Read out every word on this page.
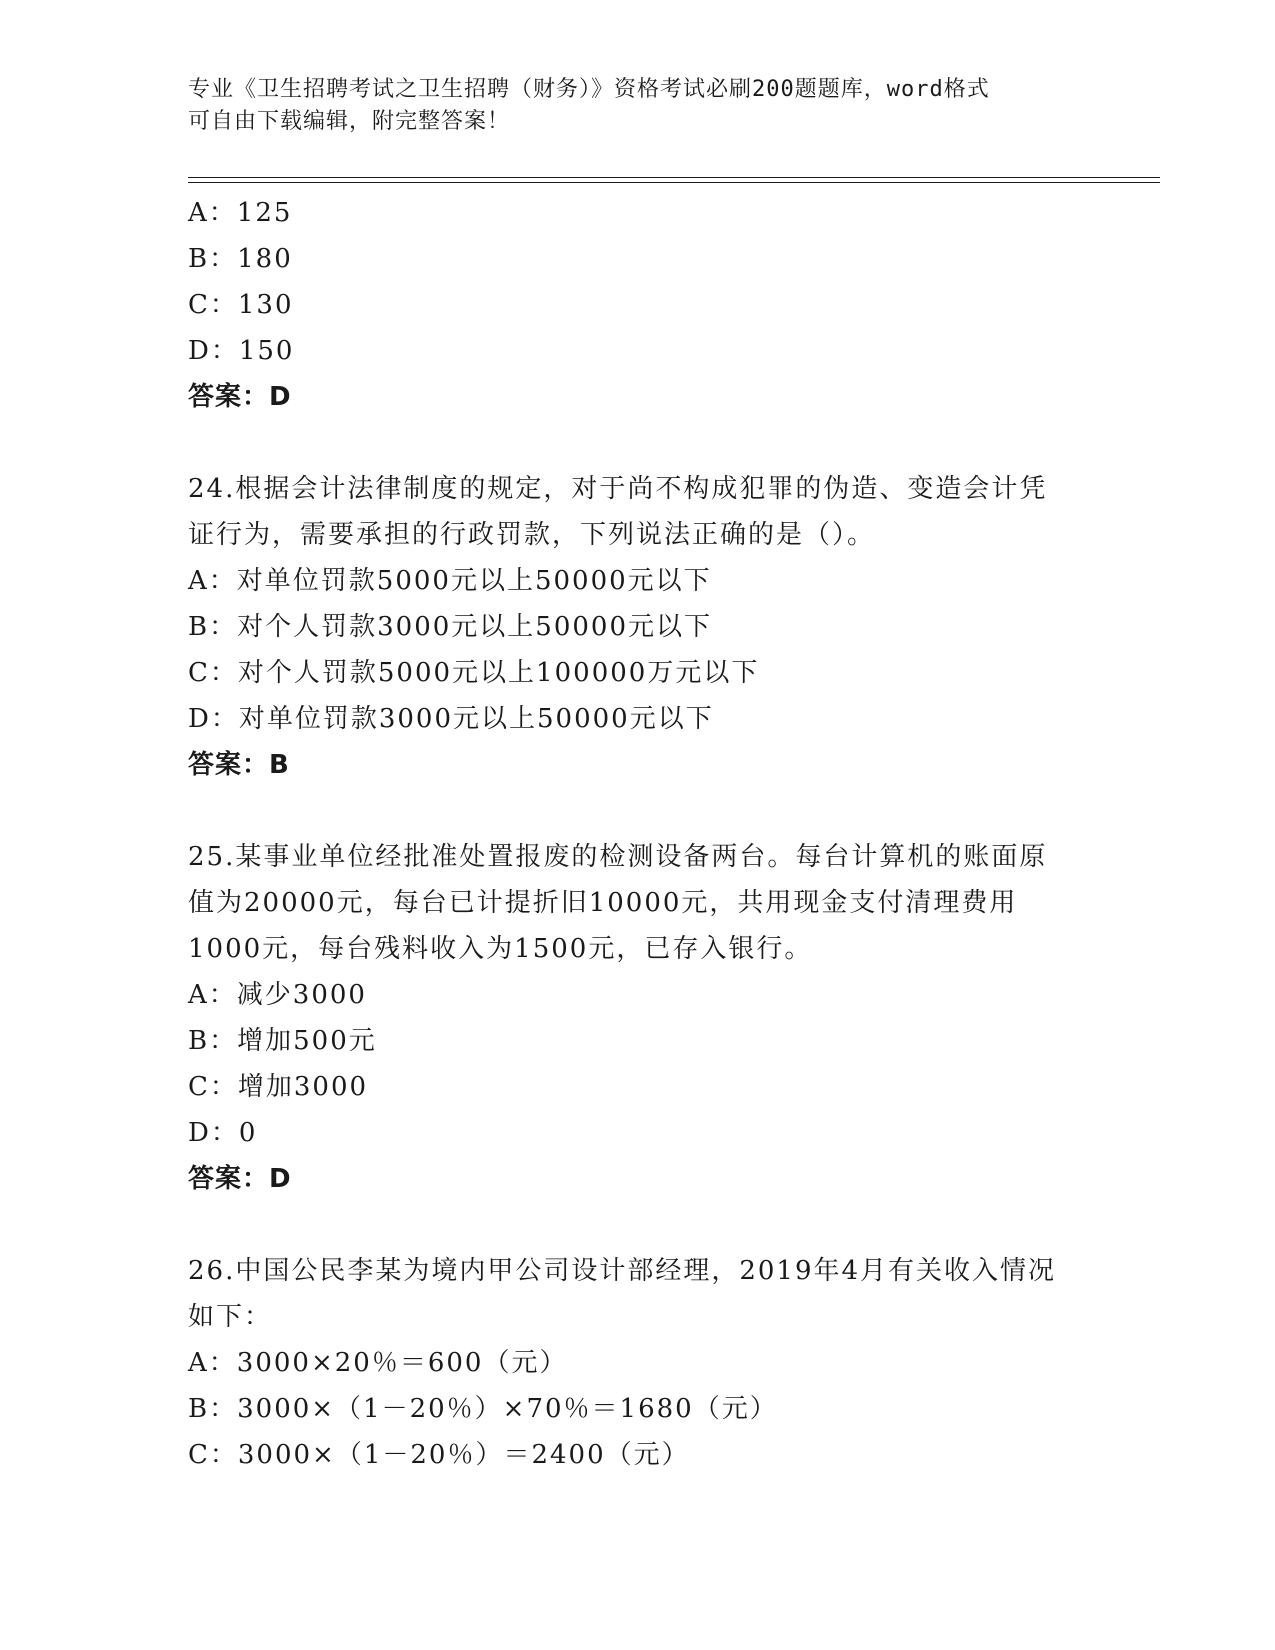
专业《卫生招聘考试之卫生招聘（财务）》资格考试必刷200题题库，word格式
可自由下载编辑，附完整答案！
A：125
B：180
C：130
D：150
答案：D
24.根据会计法律制度的规定，对于尚不构成犯罪的伪造、变造会计凭
证行为，需要承担的行政罚款，下列说法正确的是（）。
A：对单位罚款5000元以上50000元以下
B：对个人罚款3000元以上50000元以下
C：对个人罚款5000元以上100000万元以下
D：对单位罚款3000元以上50000元以下
答案：B
25.某事业单位经批准处置报废的检测设备两台。每台计算机的账面原
值为20000元，每台已计提折旧10000元，共用现金支付清理费用
1000元，每台残料收入为1500元，已存入银行。
A：减少3000
B：增加500元
C：增加3000
D：0
答案：D
26.中国公民李某为境内甲公司设计部经理，2019年4月有关收入情况
如下：
A：3000×20％＝600（元）
B：3000×（1－20％）×70％＝1680（元）
C：3000×（1－20％）＝2400（元）
